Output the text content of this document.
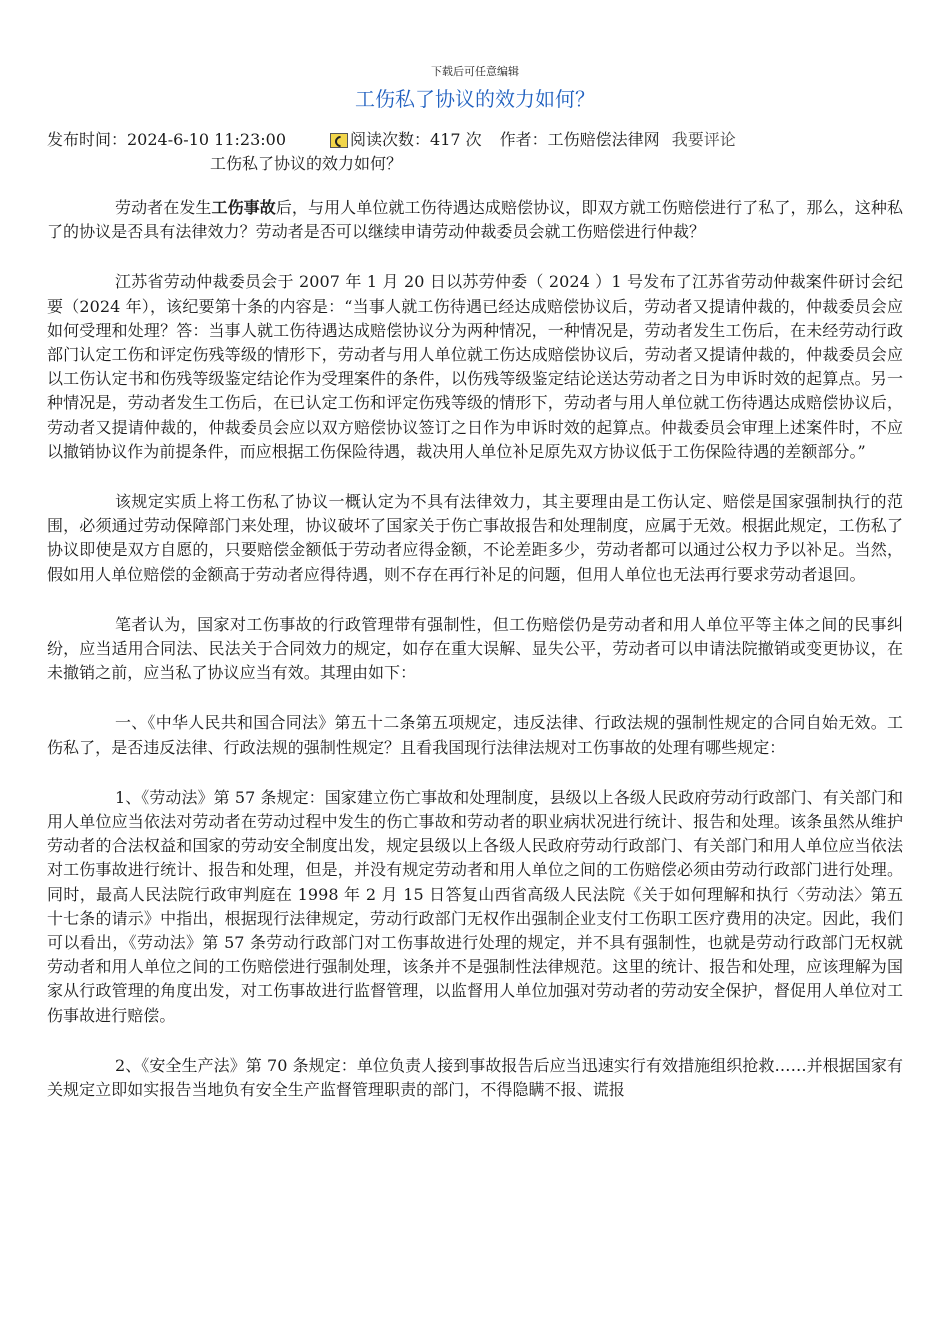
下载后可任意编辑
工伤私了协议的效力如何？
发布时间：2024-6-10 11:23:00	阅读次数：417 次 作者：工伤赔偿法律网 我要评论
工伤私了协议的效力如何？

劳动者在发生工伤事故后，与用人单位就工伤待遇达成赔偿协议，即双方就工伤赔偿进行了私了，那么，这种私了的协议是否具有法律效力？劳动者是否可以继续申请劳动仲裁委员会就工伤赔偿进行仲裁？

江苏省劳动仲裁委员会于 2007 年 1 月 20 日以苏劳仲委（ 2024 ）1 号发布了江苏省劳动仲裁案件研讨会纪要（2024 年），该纪要第十条的内容是：“当事人就工伤待遇已经达成赔偿协议后，劳动者又提请仲裁的，仲裁委员会应如何受理和处理？答：当事人就工伤待遇达成赔偿协议分为两种情况，一种情况是，劳动者发生工伤后，在未经劳动行政部门认定工伤和评定伤残等级的情形下，劳动者与用人单位就工伤达成赔偿协议后，劳动者又提请仲裁的，仲裁委员会应以工伤认定书和伤残等级鉴定结论作为受理案件的条件，以伤残等级鉴定结论送达劳动者之日为申诉时效的起算点。另一种情况是，劳动者发生工伤后，在已认定工伤和评定伤残等级的情形下，劳动者与用人单位就工伤待遇达成赔偿协议后，劳动者又提请仲裁的，仲裁委员会应以双方赔偿协议签订之日作为申诉时效的起算点。仲裁委员会审理上述案件时，不应以撤销协议作为前提条件，而应根据工伤保险待遇，裁决用人单位补足原先双方协议低于工伤保险待遇的差额部分。”

该规定实质上将工伤私了协议一概认定为不具有法律效力，其主要理由是工伤认定、赔偿是国家强制执行的范围，必须通过劳动保障部门来处理，协议破坏了国家关于伤亡事故报告和处理制度，应属于无效。根据此规定，工伤私了协议即使是双方自愿的，只要赔偿金额低于劳动者应得金额，不论差距多少，劳动者都可以通过公权力予以补足。当然，假如用人单位赔偿的金额高于劳动者应得待遇，则不存在再行补足的问题，但用人单位也无法再行要求劳动者退回。

笔者认为，国家对工伤事故的行政管理带有强制性，但工伤赔偿仍是劳动者和用人单位平等主体之间的民事纠纷，应当适用合同法、民法关于合同效力的规定，如存在重大误解、显失公平，劳动者可以申请法院撤销或变更协议，在未撤销之前，应当私了协议应当有效。其理由如下：

一、《中华人民共和国合同法》第五十二条第五项规定，违反法律、行政法规的强制性规定的合同自始无效。工伤私了，是否违反法律、行政法规的强制性规定？且看我国现行法律法规对工伤事故的处理有哪些规定：

1、《劳动法》第 57 条规定：国家建立伤亡事故和处理制度，县级以上各级人民政府劳动行政部门、有关部门和用人单位应当依法对劳动者在劳动过程中发生的伤亡事故和劳动者的职业病状况进行统计、报告和处理。该条虽然从维护劳动者的合法权益和国家的劳动安全制度出发，规定县级以上各级人民政府劳动行政部门、有关部门和用人单位应当依法对工伤事故进行统计、报告和处理，但是，并没有规定劳动者和用人单位之间的工伤赔偿必须由劳动行政部门进行处理。同时，最高人民法院行政审判庭在 1998 年 2 月 15 日答复山西省高级人民法院《关于如何理解和执行〈劳动法〉第五十七条的请示》中指出，根据现行法律规定，劳动行政部门无权作出强制企业支付工伤职工医疗费用的决定。因此，我们可以看出，《劳动法》第 57 条劳动行政部门对工伤事故进行处理的规定，并不具有强制性，也就是劳动行政部门无权就劳动者和用人单位之间的工伤赔偿进行强制处理，该条并不是强制性法律规范。这里的统计、报告和处理，应该理解为国家从行政管理的角度出发，对工伤事故进行监督管理，以监督用人单位加强对劳动者的劳动安全保护，督促用人单位对工伤事故进行赔偿。

2、《安全生产法》第 70 条规定：单位负责人接到事故报告后应当迅速实行有效措施组织抢救……并根据国家有关规定立即如实报告当地负有安全生产监督管理职责的部门，不得隐瞒不报、谎报
